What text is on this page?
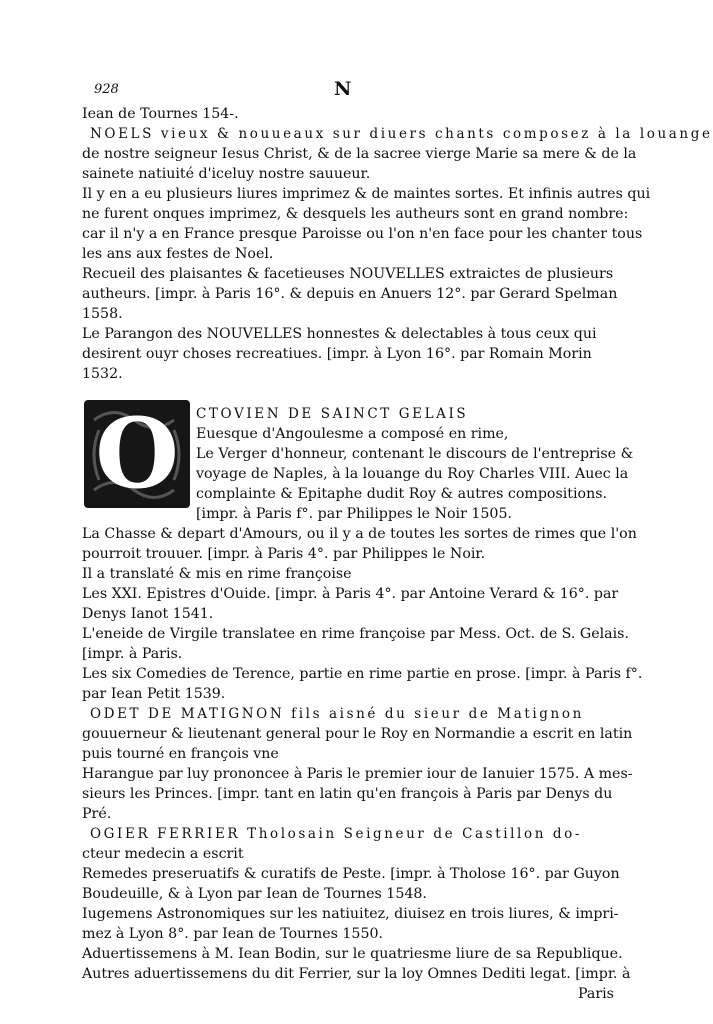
928	N
Iean de Tournes 154-.
NOELS vieux & nouueaux sur diuers chants composez à la louange
de nostre seigneur Iesus Christ, & de la sacree vierge Marie sa mere & de la
sainete natiuité d'iceluy nostre sauueur.
Il y en a eu plusieurs liures imprimez & de maintes sortes. Et infinis autres qui
ne furent onques imprimez, & desquels les autheurs sont en grand nombre:
car il n'y a en France presque Paroisse ou l'on n'en face pour les chanter tous
les ans aux festes de Noel.
Recueil des plaisantes & facetieuses NOUVELLES extraictes de plusieurs
autheurs. [impr. à Paris 16°. & depuis en Anuers 12°. par Gerard Spelman
1558.
Le Parangon des NOUVELLES honnestes & delectables à tous ceux qui
desirent ouyr choses recreatiues. [impr. à Lyon 16°. par Romain Morin
1532.
O	CTOVIEN DE SAINCT GELAIS
Euesque d'Angoulesme a composé en rime,
Le Verger d'honneur, contenant le discours de l'entreprise &
voyage de Naples, à la louange du Roy Charles VIII. Auec la
complainte & Epitaphe dudit Roy & autres compositions.
[impr. à Paris f°. par Philippes le Noir 1505.
La Chasse & depart d'Amours, ou il y a de toutes les sortes de rimes que l'on
pourroit trouuer. [impr. à Paris 4°. par Philippes le Noir.
Il a translaté & mis en rime françoise
Les XXI. Epistres d'Ouide. [impr. à Paris 4°. par Antoine Verard & 16°. par
Denys Ianot 1541.
L'eneide de Virgile translatee en rime françoise par Mess. Oct. de S. Gelais.
[impr. à Paris.
Les six Comedies de Terence, partie en rime partie en prose. [impr. à Paris f°.
par Iean Petit 1539.
ODET DE MATIGNON fils aisné du sieur de Matignon
gouuerneur & lieutenant general pour le Roy en Normandie a escrit en latin
puis tourné en françois vne
Harangue par luy prononcee à Paris le premier iour de Ianuier 1575. A mes-
sieurs les Princes. [impr. tant en latin qu'en françois à Paris par Denys du
Pré.
OGIER FERRIER Tholosain Seigneur de Castillon do-
cteur medecin a escrit
Remedes preseruatifs & curatifs de Peste. [impr. à Tholose 16°. par Guyon
Boudeuille, & à Lyon par Iean de Tournes 1548.
Iugemens Astronomiques sur les natiuitez, diuisez en trois liures, & impri-
mez à Lyon 8°. par Iean de Tournes 1550.
Aduertissemens à M. Iean Bodin, sur le quatriesme liure de sa Republique.
Autres aduertissemens du dit Ferrier, sur la loy Omnes Dediti legat. [impr. à
Paris
